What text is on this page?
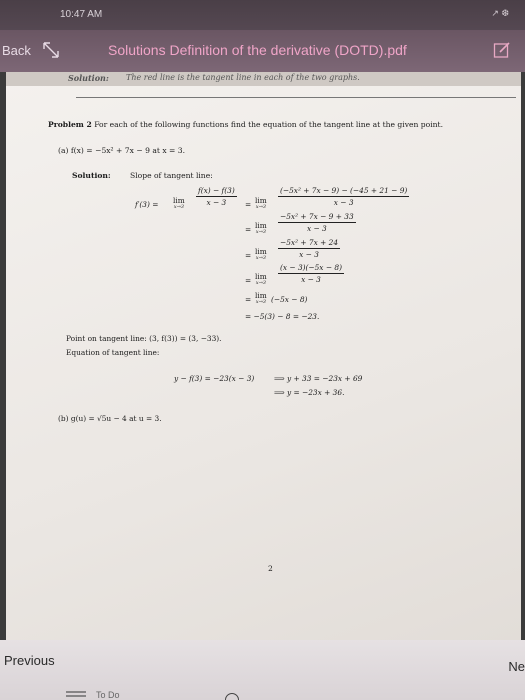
10:47 AM	↗ ❆
Back	Solutions Definition of the derivative (DOTD).pdf
Solution: The red line is the tangent line in each of the two graphs.
Problem 2 For each of the following functions find the equation of the tangent line at the given point.
(a) f(x) = −5x² + 7x − 9 at x = 3.
Solution:	Slope of tangent line:
f′(3) = lim
$x\to 3 \frac{f(x) - f(3)}{x - 3} = \lim$
$x\to 3 \frac{\text{(−5x² + 7x − 9) − (−45 + 21 − 9)}}{x - 3}$
= lim
$x\to 3 \frac{\text{−5x² + 7x − 9 + 33}}{x - 3}$
= lim
$x\to 3 \frac{\text{−5x² + 7x + 24}}{x - 3}$
= lim
$x\to 3 \frac{(x - 3)(-5x - 8)}{x - 3}$
= lim
x→3 (−5x − 8)
= −5(3) − 8 = −23.
Point on tangent line: (3, f(3)) = (3, −33).
Equation of tangent line:
y − f(3) = −23(x − 3)	⟹ y + 33 = −23x + 69
⟹ y = −23x + 36.
(b) g(u) = √5u − 4 at u = 3.
2
Previous	Ne
To Do
